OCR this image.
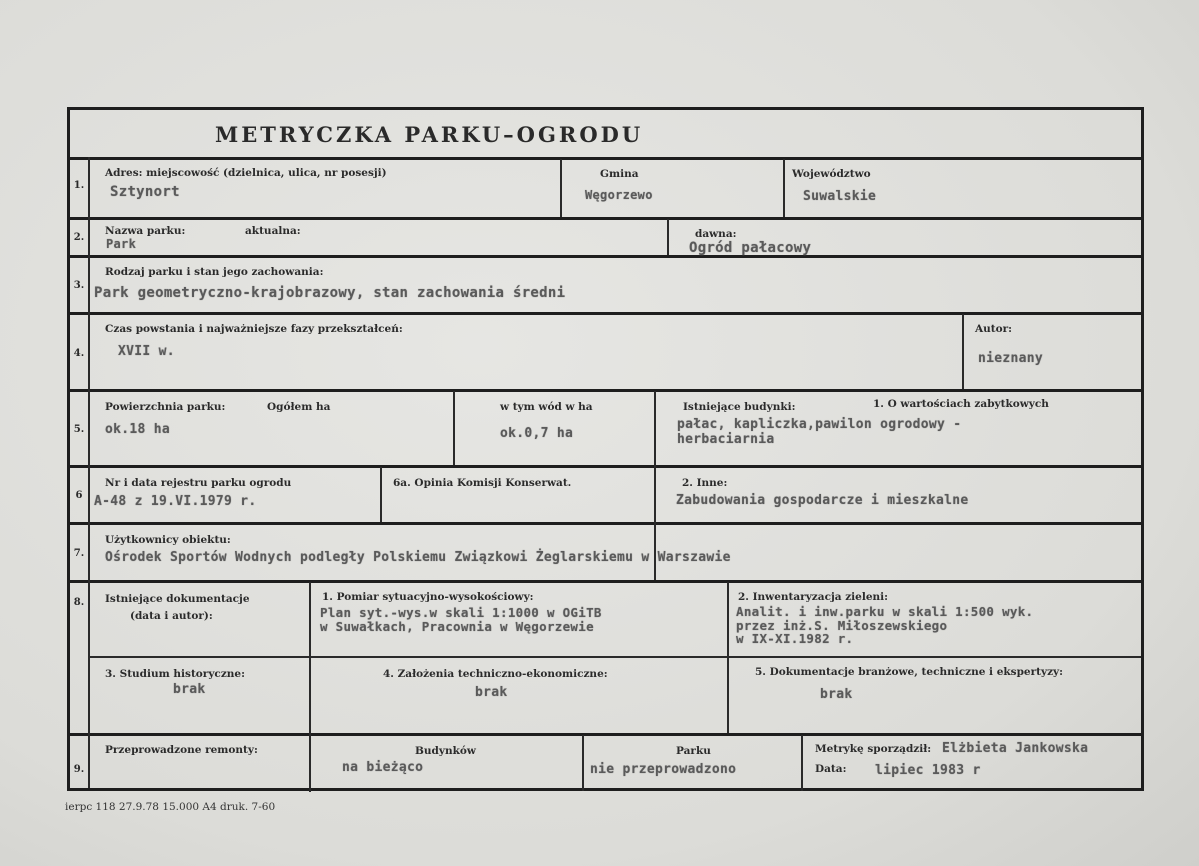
METRYCZKA PARKU–OGRODU
1.
Adres: miejscowość (dzielnica, ulica, nr posesji)
Sztynort
Gmina
Węgorzewo
Województwo
Suwalskie
2.
Nazwa parku:	aktualna:
Park
dawna:
Ogród pałacowy
3.
Rodzaj parku i stan jego zachowania:
Park geometryczno-krajobrazowy, stan zachowania średni
4.
Czas powstania i najważniejsze fazy przekształceń:
XVII w.
Autor:
nieznany
5.
Powierzchnia parku:	Ogółem ha
ok.18 ha
w tym wód w ha
ok.0,7 ha
Istniejące budynki:	1. O wartościach zabytkowych
pałac, kapliczka,pawilon ogrodowy -
herbaciarnia
6
Nr i data rejestru parku ogrodu
A-48 z 19.VI.1979 r.
6a. Opinia Komisji Konserwat.	2. Inne:
Zabudowania gospodarcze i mieszkalne
7.
Użytkownicy obiektu:
Ośrodek Sportów Wodnych podległy Polskiemu Związkowi Żeglarskiemu w Warszawie
8.	Istniejące dokumentacje
(data i autor):
1. Pomiar sytuacyjno-wysokościowy:
Plan syt.-wys.w skali 1:1000 w OGiTB
w Suwałkach, Pracownia w Węgorzewie
2. Inwentaryzacja zieleni:
Analit. i inw.parku w skali 1:500 wyk.
przez inż.S. Miłoszewskiego
w IX-XI.1982 r.
3. Studium historyczne:
brak
4. Założenia techniczno-ekonomiczne:
brak
5. Dokumentacje branżowe, techniczne i ekspertyzy:
brak
9.
Przeprowadzone remonty:	Budynków
na bieżąco
Parku
nie przeprowadzono
Metrykę sporządził: Elżbieta Jankowska
Data: lipiec 1983 r
ierpc 118 27.9.78 15.000 A4 druk. 7-60
